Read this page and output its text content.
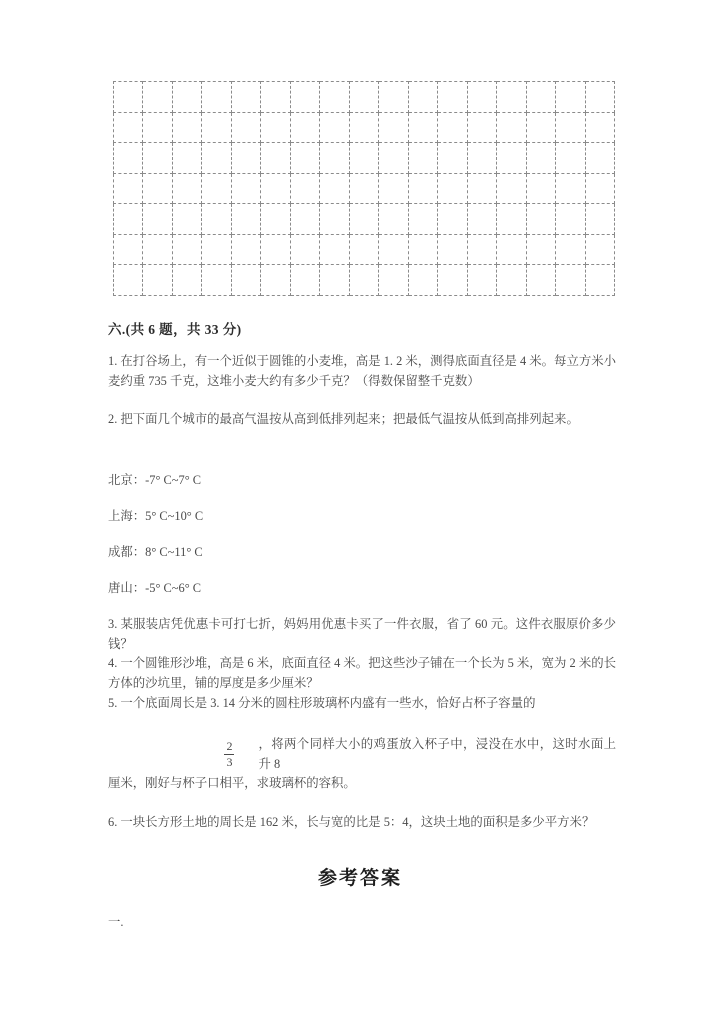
六.(共 6 题，共 33 分)
1. 在打谷场上，有一个近似于圆锥的小麦堆，高是 1. 2 米，测得底面直径是 4 米。每立方米小麦约重 735 千克，这堆小麦大约有多少千克？（得数保留整千克数）
2. 把下面几个城市的最高气温按从高到低排列起来；把最低气温按从低到高排列起来。
北京：-7° C~7° C
上海：5° C~10° C
成都：8° C~11° C
唐山：-5° C~6° C
3. 某服装店凭优惠卡可打七折，妈妈用优惠卡买了一件衣服，省了 60 元。这件衣服原价多少钱？
4. 一个圆锥形沙堆，高是 6 米，底面直径 4 米。把这些沙子铺在一个长为 5 米，宽为 2 米的长方体的沙坑里，铺的厚度是多少厘米？
5. 一个底面周长是 3. 14 分米的圆柱形玻璃杯内盛有一些水，恰好占杯子容量的
$\frac{2}{3}$ ，将两个同样大小的鸡蛋放入杯子中，浸没在水中，这时水面上升 8
厘米，刚好与杯子口相平，求玻璃杯的容积。
6. 一块长方形土地的周长是 162 米，长与宽的比是 5：4，这块土地的面积是多少平方米？
参考答案
一.
